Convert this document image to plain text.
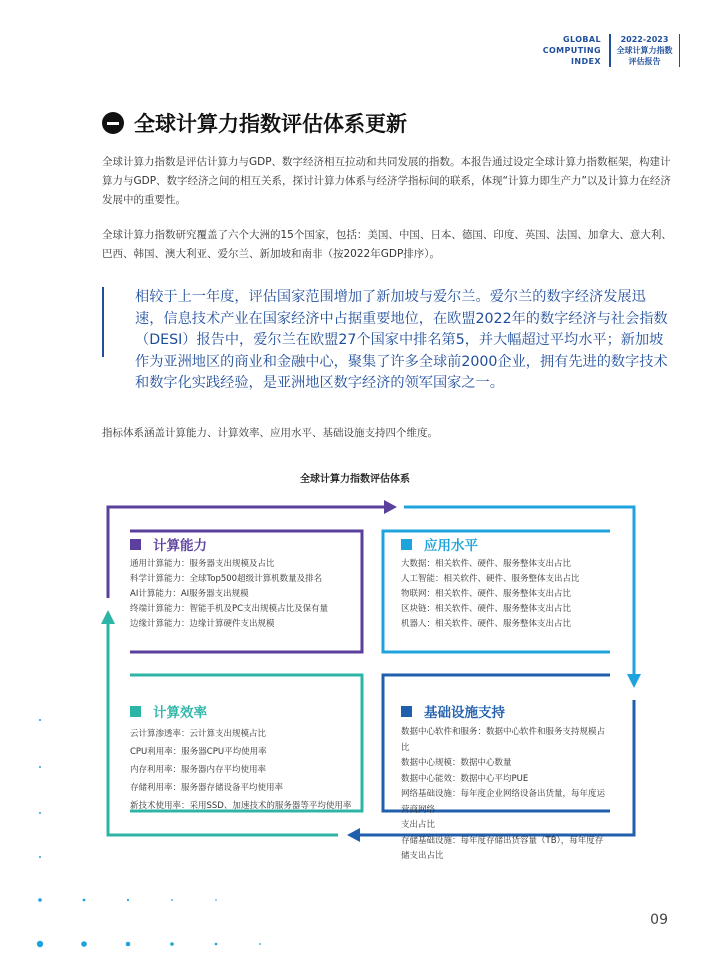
GLOBAL
COMPUTING
INDEX
2022-2023
全球计算力指数
评估报告
全球计算力指数评估体系更新
全球计算力指数是评估计算力与GDP、数字经济相互拉动和共同发展的指数。本报告通过设定全球计算力指数框架，构建计算力与GDP、数字经济之间的相互关系，探讨计算力体系与经济学指标间的联系，体现“计算力即生产力”以及计算力在经济发展中的重要性。
全球计算力指数研究覆盖了六个大洲的15个国家，包括：美国、中国、日本、德国、印度、英国、法国、加拿大、意大利、巴西、韩国、澳大利亚、爱尔兰、新加坡和南非（按2022年GDP排序）。
相较于上一年度，评估国家范围增加了新加坡与爱尔兰。爱尔兰的数字经济发展迅速，信息技术产业在国家经济中占据重要地位，在欧盟2022年的数字经济与社会指数（DESI）报告中，爱尔兰在欧盟27个国家中排名第5，并大幅超过平均水平；新加坡作为亚洲地区的商业和金融中心，聚集了许多全球前2000企业，拥有先进的数字技术和数字化实践经验，是亚洲地区数字经济的领军国家之一。
指标体系涵盖计算能力、计算效率、应用水平、基础设施支持四个维度。
全球计算力指数评估体系
计算能力
通用计算能力：服务器支出规模及占比
科学计算能力：全球Top500超级计算机数量及排名
AI计算能力：AI服务器支出规模
终端计算能力：智能手机及PC支出规模占比及保有量
边缘计算能力：边缘计算硬件支出规模
应用水平
大数据：相关软件、硬件、服务整体支出占比
人工智能：相关软件、硬件、服务整体支出占比
物联网：相关软件、硬件、服务整体支出占比
区块链：相关软件、硬件、服务整体支出占比
机器人：相关软件、硬件、服务整体支出占比
计算效率
云计算渗透率：云计算支出规模占比
CPU利用率：服务器CPU平均使用率
内存利用率：服务器内存平均使用率
存储利用率：服务器存储设备平均使用率
新技术使用率：采用SSD、加速技术的服务器等平均使用率
基础设施支持
数据中心软件和服务：数据中心软件和服务支持规模占比
数据中心规模：数据中心数量
数据中心能效：数据中心平均PUE
网络基础设施：每年度企业网络设备出货量，每年度运营商网络
支出占比
存储基础设施：每年度存储出货容量（TB），每年度存储支出占比
09
